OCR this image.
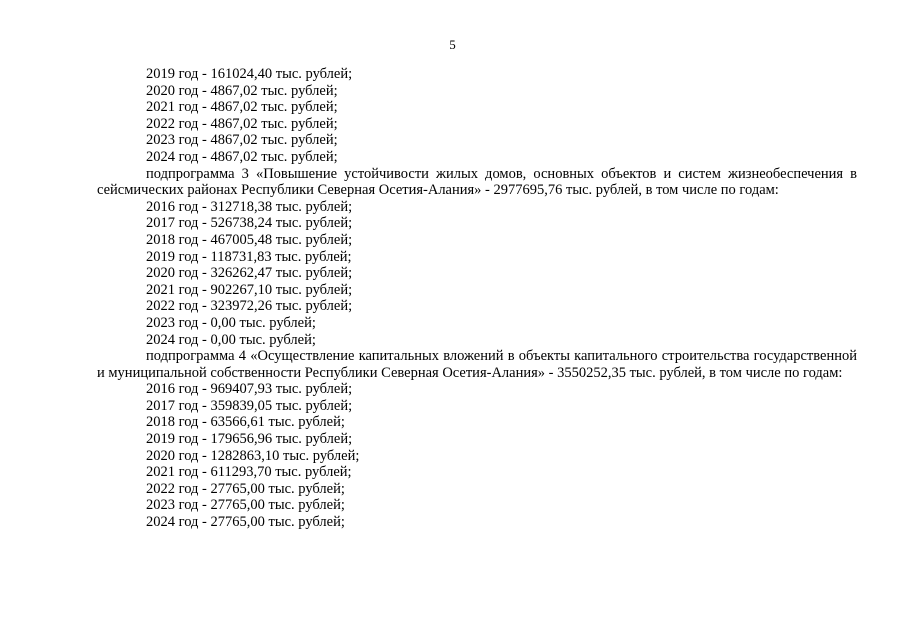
5
2019 год - 161024,40 тыс. рублей;
2020 год - 4867,02 тыс. рублей;
2021 год - 4867,02 тыс. рублей;
2022 год - 4867,02 тыс. рублей;
2023 год - 4867,02 тыс. рублей;
2024 год - 4867,02 тыс. рублей;
подпрограмма 3 «Повышение устойчивости жилых домов, основных объектов и систем жизнеобеспечения в сейсмических районах Республики Северная Осетия-Алания» - 2977695,76 тыс. рублей, в том числе по годам:
2016 год - 312718,38 тыс. рублей;
2017 год - 526738,24 тыс. рублей;
2018 год - 467005,48 тыс. рублей;
2019 год - 118731,83 тыс. рублей;
2020 год - 326262,47 тыс. рублей;
2021 год - 902267,10 тыс. рублей;
2022 год - 323972,26 тыс. рублей;
2023 год - 0,00 тыс. рублей;
2024 год - 0,00 тыс. рублей;
подпрограмма 4 «Осуществление капитальных вложений в объекты капитального строительства государственной и муниципальной собственности Республики Северная Осетия-Алания» - 3550252,35 тыс. рублей, в том числе по годам:
2016 год - 969407,93 тыс. рублей;
2017 год - 359839,05 тыс. рублей;
2018 год - 63566,61 тыс. рублей;
2019 год - 179656,96 тыс. рублей;
2020 год - 1282863,10 тыс. рублей;
2021 год - 611293,70 тыс. рублей;
2022 год - 27765,00 тыс. рублей;
2023 год - 27765,00 тыс. рублей;
2024 год - 27765,00 тыс. рублей;
